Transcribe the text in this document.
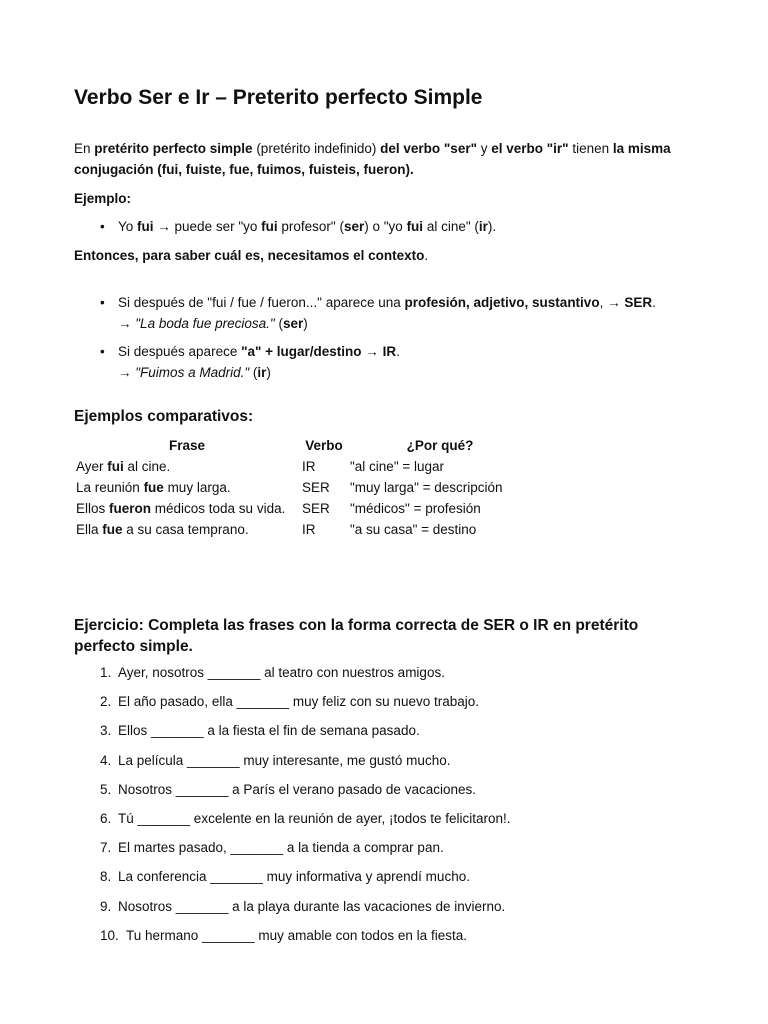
Verbo Ser e Ir – Preterito perfecto Simple

En pretérito perfecto simple (pretérito indefinido) del verbo "ser" y el verbo "ir" tienen la misma conjugación (fui, fuiste, fue, fuimos, fuisteis, fueron).

Ejemplo:

• Yo fui → puede ser "yo fui profesor" (ser) o "yo fui al cine" (ir).

Entonces, para saber cuál es, necesitamos el contexto.

• Si después de "fui / fue / fueron..." aparece una profesión, adjetivo, sustantivo, → SER.
→ "La boda fue preciosa." (ser)
• Si después aparece "a" + lugar/destino → IR.
→ "Fuimos a Madrid." (ir)
Ejemplos comparativos:
Frase	Verbo	¿Por qué?
Ayer fui al cine.	IR	"al cine" = lugar
La reunión fue muy larga.	SER	"muy larga" = descripción
Ellos fueron médicos toda su vida.	SER	"médicos" = profesión
Ella fue a su casa temprano.	IR	"a su casa" = destino
Ejercicio: Completa las frases con la forma correcta de SER o IR en pretérito perfecto simple.
1. Ayer, nosotros _______ al teatro con nuestros amigos.
2. El año pasado, ella _______ muy feliz con su nuevo trabajo.
3. Ellos _______ a la fiesta el fin de semana pasado.
4. La película _______ muy interesante, me gustó mucho.
5. Nosotros _______ a París el verano pasado de vacaciones.
6. Tú _______ excelente en la reunión de ayer, ¡todos te felicitaron!.
7. El martes pasado, _______ a la tienda a comprar pan.
8. La conferencia _______ muy informativa y aprendí mucho.
9. Nosotros _______ a la playa durante las vacaciones de invierno.
10. Tu hermano _______ muy amable con todos en la fiesta.
